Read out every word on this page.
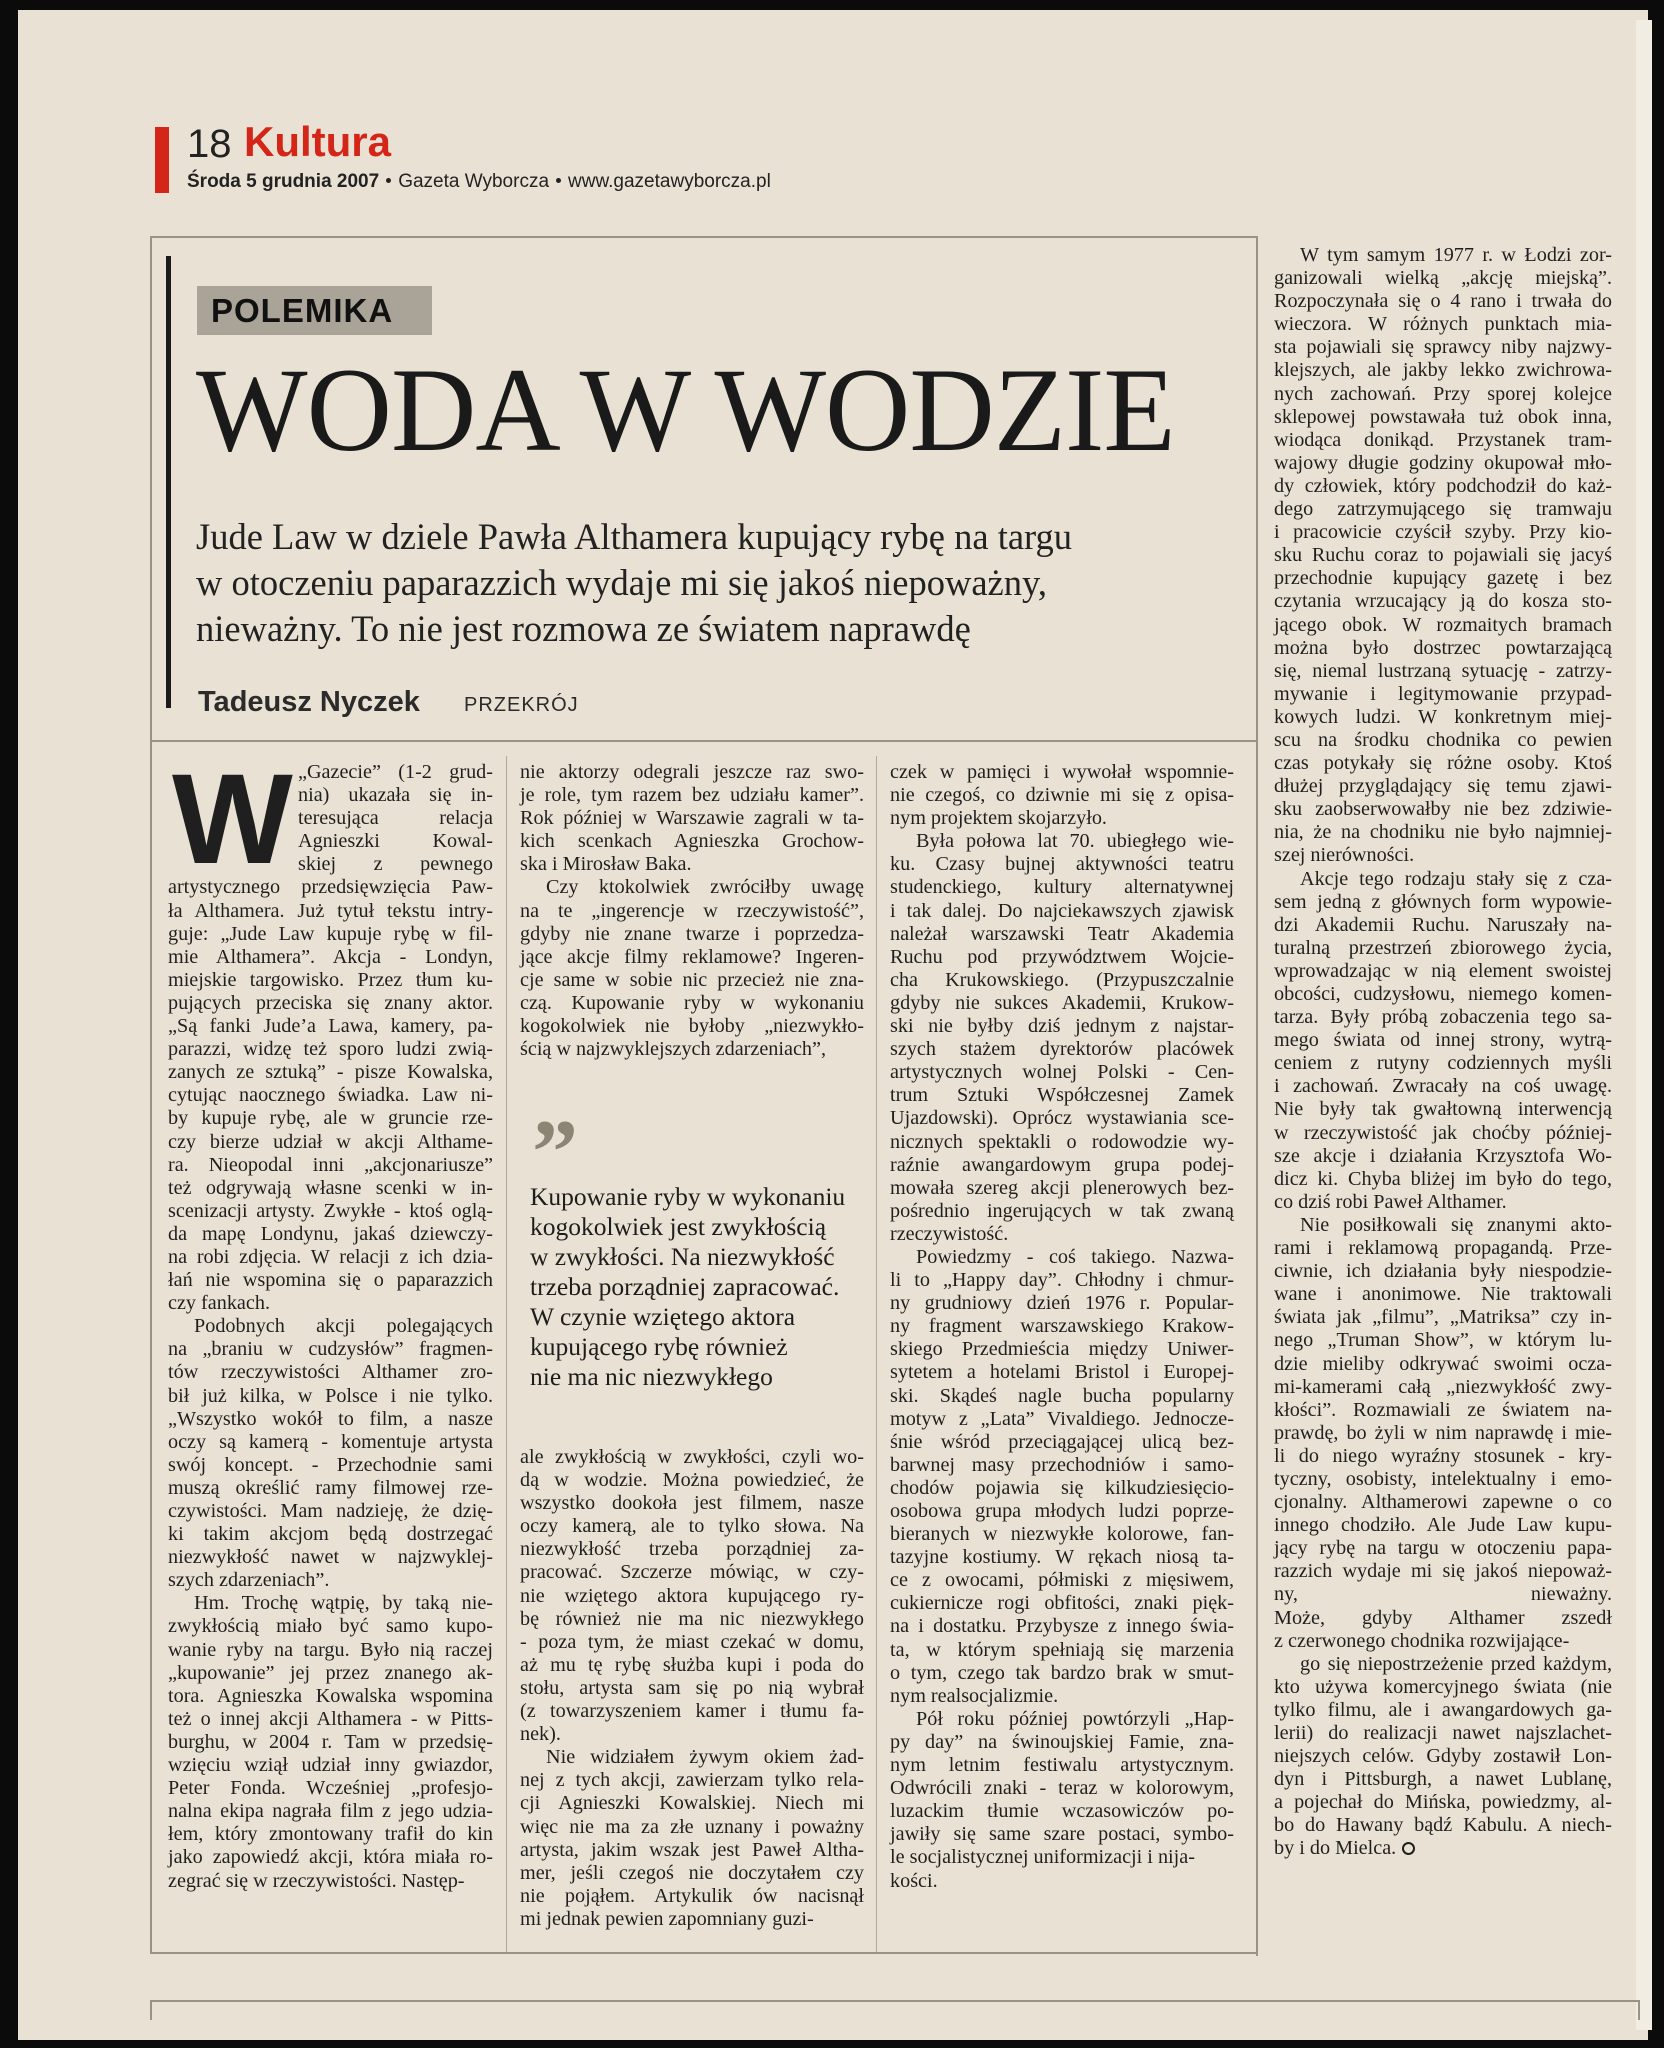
18 Kultura
Środa 5 grudnia 2007 Gazeta Wyborcza www.gazetawyborcza.pl
POLEMIKA
WODA W WODZIE
Jude Law w dziele Pawła Althamera kupujący rybę na targu
w otoczeniu paparazzich wydaje mi się jakoś niepoważny,
nieważny. To nie jest rozmowa ze światem naprawdę
Tadeusz Nyczek PRZEKRÓJ
W „Gazecie” (1-2 grud-
nia) ukazała się in-
teresująca relacja
Agnieszki Kowal-
skiej z pewnego
artystycznego przedsięwzięcia Paw-
ła Althamera. Już tytuł tekstu intry-
guje: „Jude Law kupuje rybę w fil-
mie Althamera”. Akcja - Londyn,
miejskie targowisko. Przez tłum ku-
pujących przeciska się znany aktor.
„Są fanki Jude’a Lawa, kamery, pa-
parazzi, widzę też sporo ludzi zwią-
zanych ze sztuką” - pisze Kowalska,
cytując naocznego świadka. Law ni-
by kupuje rybę, ale w gruncie rze-
czy bierze udział w akcji Althame-
ra. Nieopodal inni „akcjonariusze”
też odgrywają własne scenki w in-
scenizacji artysty. Zwykłe - ktoś oglą-
da mapę Londynu, jakaś dziewczy-
na robi zdjęcia. W relacji z ich dzia-
łań nie wspomina się o paparazzich
czy fankach.
Podobnych akcji polegających
na „braniu w cudzysłów” fragmen-
tów rzeczywistości Althamer zro-
bił już kilka, w Polsce i nie tylko.
„Wszystko wokół to film, a nasze
oczy są kamerą - komentuje artysta
swój koncept. - Przechodnie sami
muszą określić ramy filmowej rze-
czywistości. Mam nadzieję, że dzię-
ki takim akcjom będą dostrzegać
niezwykłość nawet w najzwyklej-
szych zdarzeniach”.
Hm. Trochę wątpię, by taką nie-
zwykłością miało być samo kupo-
wanie ryby na targu. Było nią raczej
„kupowanie” jej przez znanego ak-
tora. Agnieszka Kowalska wspomina
też o innej akcji Althamera - w Pitts-
burghu, w 2004 r. Tam w przedsię-
wzięciu wziął udział inny gwiazdor,
Peter Fonda. Wcześniej „profesjo-
nalna ekipa nagrała film z jego udzia-
łem, który zmontowany trafił do kin
jako zapowiedź akcji, która miała ro-
zegrać się w rzeczywistości. Następ-
nie aktorzy odegrali jeszcze raz swo-
je role, tym razem bez udziału kamer”.
Rok później w Warszawie zagrali w ta-
kich scenkach Agnieszka Grochow-
ska i Mirosław Baka.
Czy ktokolwiek zwróciłby uwagę
na te „ingerencje w rzeczywistość”,
gdyby nie znane twarze i poprzedza-
jące akcje filmy reklamowe? Ingeren-
cje same w sobie nic przecież nie zna-
czą. Kupowanie ryby w wykonaniu
kogokolwiek nie byłoby „niezwykło-
ścią w najzwyklejszych zdarzeniach”,
ale zwykłością w zwykłości, czyli wo-
dą w wodzie. Można powiedzieć, że
wszystko dookoła jest filmem, nasze
oczy kamerą, ale to tylko słowa. Na
niezwykłość trzeba porządniej za-
pracować. Szczerze mówiąc, w czy-
nie wziętego aktora kupującego ry-
bę również nie ma nic niezwykłego
- poza tym, że miast czekać w domu,
aż mu tę rybę służba kupi i poda do
stołu, artysta sam się po nią wybrał
(z towarzyszeniem kamer i tłumu fa-
nek).
Nie widziałem żywym okiem żad-
nej z tych akcji, zawierzam tylko rela-
cji Agnieszki Kowalskiej. Niech mi
więc nie ma za złe uznany i poważny
artysta, jakim wszak jest Paweł Altha-
mer, jeśli czegoś nie doczytałem czy
nie pojąłem. Artykulik ów nacisnął
mi jednak pewien zapomniany guzi-
czek w pamięci i wywołał wspomnie-
nie czegoś, co dziwnie mi się z opisa-
nym projektem skojarzyło.
Była połowa lat 70. ubiegłego wie-
ku. Czasy bujnej aktywności teatru
studenckiego, kultury alternatywnej
i tak dalej. Do najciekawszych zjawisk
należał warszawski Teatr Akademia
Ruchu pod przywództwem Wojcie-
cha Krukowskiego. (Przypuszczalnie
gdyby nie sukces Akademii, Krukow-
ski nie byłby dziś jednym z najstar-
szych stażem dyrektorów placówek
artystycznych wolnej Polski - Cen-
trum Sztuki Współczesnej Zamek
Ujazdowski). Oprócz wystawiania sce-
nicznych spektakli o rodowodzie wy-
raźnie awangardowym grupa podej-
mowała szereg akcji plenerowych bez-
pośrednio ingerujących w tak zwaną
rzeczywistość.
Powiedzmy - coś takiego. Nazwa-
li to „Happy day”. Chłodny i chmur-
ny grudniowy dzień 1976 r. Popular-
ny fragment warszawskiego Krakow-
skiego Przedmieścia między Uniwer-
sytetem a hotelami Bristol i Europej-
ski. Skądeś nagle bucha popularny
motyw z „Lata” Vivaldiego. Jednocze-
śnie wśród przeciągającej ulicą bez-
barwnej masy przechodniów i samo-
chodów pojawia się kilkudziesięcio-
osobowa grupa młodych ludzi poprze-
bieranych w niezwykłe kolorowe, fan-
tazyjne kostiumy. W rękach niosą ta-
ce z owocami, półmiski z mięsiwem,
cukiernicze rogi obfitości, znaki pięk-
na i dostatku. Przybysze z innego świa-
ta, w którym spełniają się marzenia
o tym, czego tak bardzo brak w smut-
nym realsocjalizmie.
Pół roku później powtórzyli „Hap-
py day” na świnoujskiej Famie, zna-
nym letnim festiwalu artystycznym.
Odwrócili znaki - teraz w kolorowym,
luzackim tłumie wczasowiczów po-
jawiły się same szare postaci, symbo-
le socjalistycznej uniformizacji i nija-
kości.
W tym samym 1977 r. w Łodzi zor-
ganizowali wielką „akcję miejską”.
Rozpoczynała się o 4 rano i trwała do
wieczora. W różnych punktach mia-
sta pojawiali się sprawcy niby najzwy-
klejszych, ale jakby lekko zwichrowa-
nych zachowań. Przy sporej kolejce
sklepowej powstawała tuż obok inna,
wiodąca donikąd. Przystanek tram-
wajowy długie godziny okupował mło-
dy człowiek, który podchodził do każ-
dego zatrzymującego się tramwaju
i pracowicie czyścił szyby. Przy kio-
sku Ruchu coraz to pojawiali się jacyś
przechodnie kupujący gazetę i bez
czytania wrzucający ją do kosza sto-
jącego obok. W rozmaitych bramach
można było dostrzec powtarzającą
się, niemal lustrzaną sytuację - zatrzy-
mywanie i legitymowanie przypad-
kowych ludzi. W konkretnym miej-
scu na środku chodnika co pewien
czas potykały się różne osoby. Ktoś
dłużej przyglądający się temu zjawi-
sku zaobserwowałby nie bez zdziwie-
nia, że na chodniku nie było najmniej-
szej nierówności.
Akcje tego rodzaju stały się z cza-
sem jedną z głównych form wypowie-
dzi Akademii Ruchu. Naruszały na-
turalną przestrzeń zbiorowego życia,
wprowadzając w nią element swoistej
obcości, cudzysłowu, niemego komen-
tarza. Były próbą zobaczenia tego sa-
mego świata od innej strony, wytrą-
ceniem z rutyny codziennych myśli
i zachowań. Zwracały na coś uwagę.
Nie były tak gwałtowną interwencją
w rzeczywistość jak choćby później-
sze akcje i działania Krzysztofa Wo-
dicz ki. Chyba bliżej im było do tego,
co dziś robi Paweł Althamer.
Nie posiłkowali się znanymi akto-
rami i reklamową propagandą. Prze-
ciwnie, ich działania były niespodzie-
wane i anonimowe. Nie traktowali
świata jak „filmu”, „Matriksa” czy in-
nego „Truman Show”, w którym lu-
dzie mieliby odkrywać swoimi ocza-
mi-kamerami całą „niezwykłość zwy-
kłości”. Rozmawiali ze światem na-
prawdę, bo żyli w nim naprawdę i mie-
li do niego wyraźny stosunek - kry-
tyczny, osobisty, intelektualny i emo-
cjonalny. Althamerowi zapewne o co
innego chodziło. Ale Jude Law kupu-
jący rybę na targu w otoczeniu papa-
razzich wydaje mi się jakoś niepoważ-
ny, nieważny.
Może, gdyby Althamer zszedł
z czerwonego chodnika rozwijające-
go się niepostrzeżenie przed każdym,
kto używa komercyjnego świata (nie
tylko filmu, ale i awangardowych ga-
lerii) do realizacji nawet najszlachet-
niejszych celów. Gdyby zostawił Lon-
dyn i Pittsburgh, a nawet Lublanę,
a pojechał do Mińska, powiedzmy, al-
bo do Hawany bądź Kabulu. A niech-
by i do Mielca.
”
Kupowanie ryby w wykonaniu
kogokolwiek jest zwykłością
w zwykłości. Na niezwykłość
trzeba porządniej zapracować.
W czynie wziętego aktora
kupującego rybę również
nie ma nic niezwykłego
